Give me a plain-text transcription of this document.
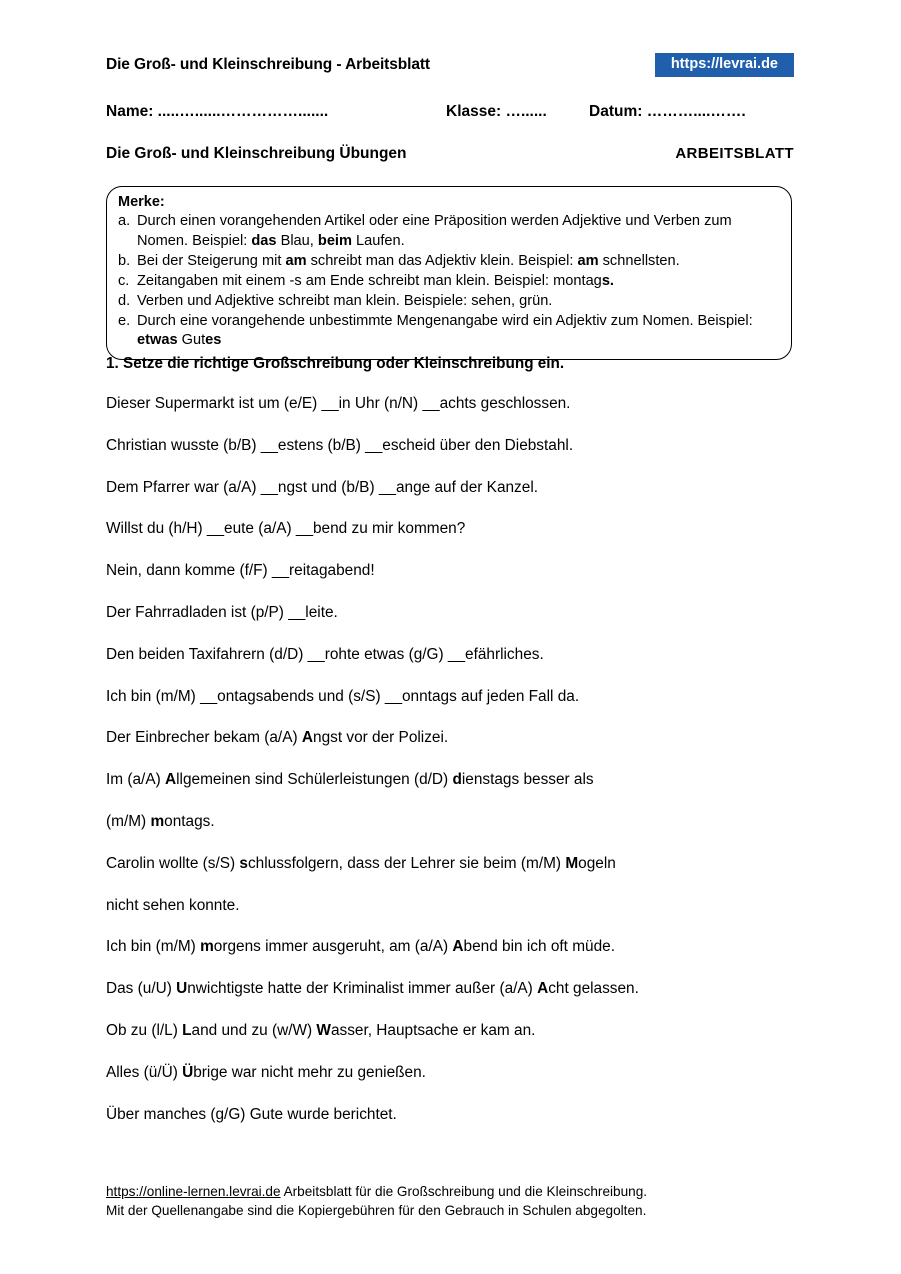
Die Groß- und Kleinschreibung - Arbeitsblatt	https://levrai.de
Name: .....…......…………….......	Klasse: …......	Datum: ………....…….
Die Groß- und Kleinschreibung Übungen	ARBEITSBLATT
Merke:
a. Durch einen vorangehenden Artikel oder eine Präposition werden Adjektive und Verben zum Nomen. Beispiel: das Blau, beim Laufen.
b. Bei der Steigerung mit am schreibt man das Adjektiv klein. Beispiel: am schnellsten.
c. Zeitangaben mit einem -s am Ende schreibt man klein. Beispiel: montags.
d. Verben und Adjektive schreibt man klein. Beispiele: sehen, grün.
e. Durch eine vorangehende unbestimmte Mengenangabe wird ein Adjektiv zum Nomen. Beispiel: etwas Gutes
1. Setze die richtige Großschreibung oder Kleinschreibung ein.
Dieser Supermarkt ist um (e/E) __in Uhr (n/N) __achts geschlossen.
Christian wusste (b/B) __estens (b/B) __escheid über den Diebstahl.
Dem Pfarrer war (a/A) __ngst und (b/B) __ange auf der Kanzel.
Willst du (h/H) __eute (a/A) __bend zu mir kommen?
Nein, dann komme (f/F) __reitagabend!
Der Fahrradladen ist (p/P) __leite.
Den beiden Taxifahrern (d/D) __rohte etwas (g/G) __efährliches.
Ich bin (m/M) __ontagsabends und (s/S) __onntags auf jeden Fall da.
Der Einbrecher bekam (a/A) Angst vor der Polizei.
Im (a/A) Allgemeinen sind Schülerleistungen (d/D) dienstags besser als
(m/M) montags.
Carolin wollte (s/S) schlussfolgern, dass der Lehrer sie beim (m/M) Mogeln
nicht sehen konnte.
Ich bin (m/M) morgens immer ausgeruht, am (a/A) Abend bin ich oft müde.
Das (u/U) Unwichtigste hatte der Kriminalist immer außer (a/A) Acht gelassen.
Ob zu (l/L) Land und zu (w/W) Wasser, Hauptsache er kam an.
Alles (ü/Ü) Übrige war nicht mehr zu genießen.
Über manches (g/G) Gute wurde berichtet.
https://online-lernen.levrai.de Arbeitsblatt für die Großschreibung und die Kleinschreibung.
Mit der Quellenangabe sind die Kopiergebühren für den Gebrauch in Schulen abgegolten.
